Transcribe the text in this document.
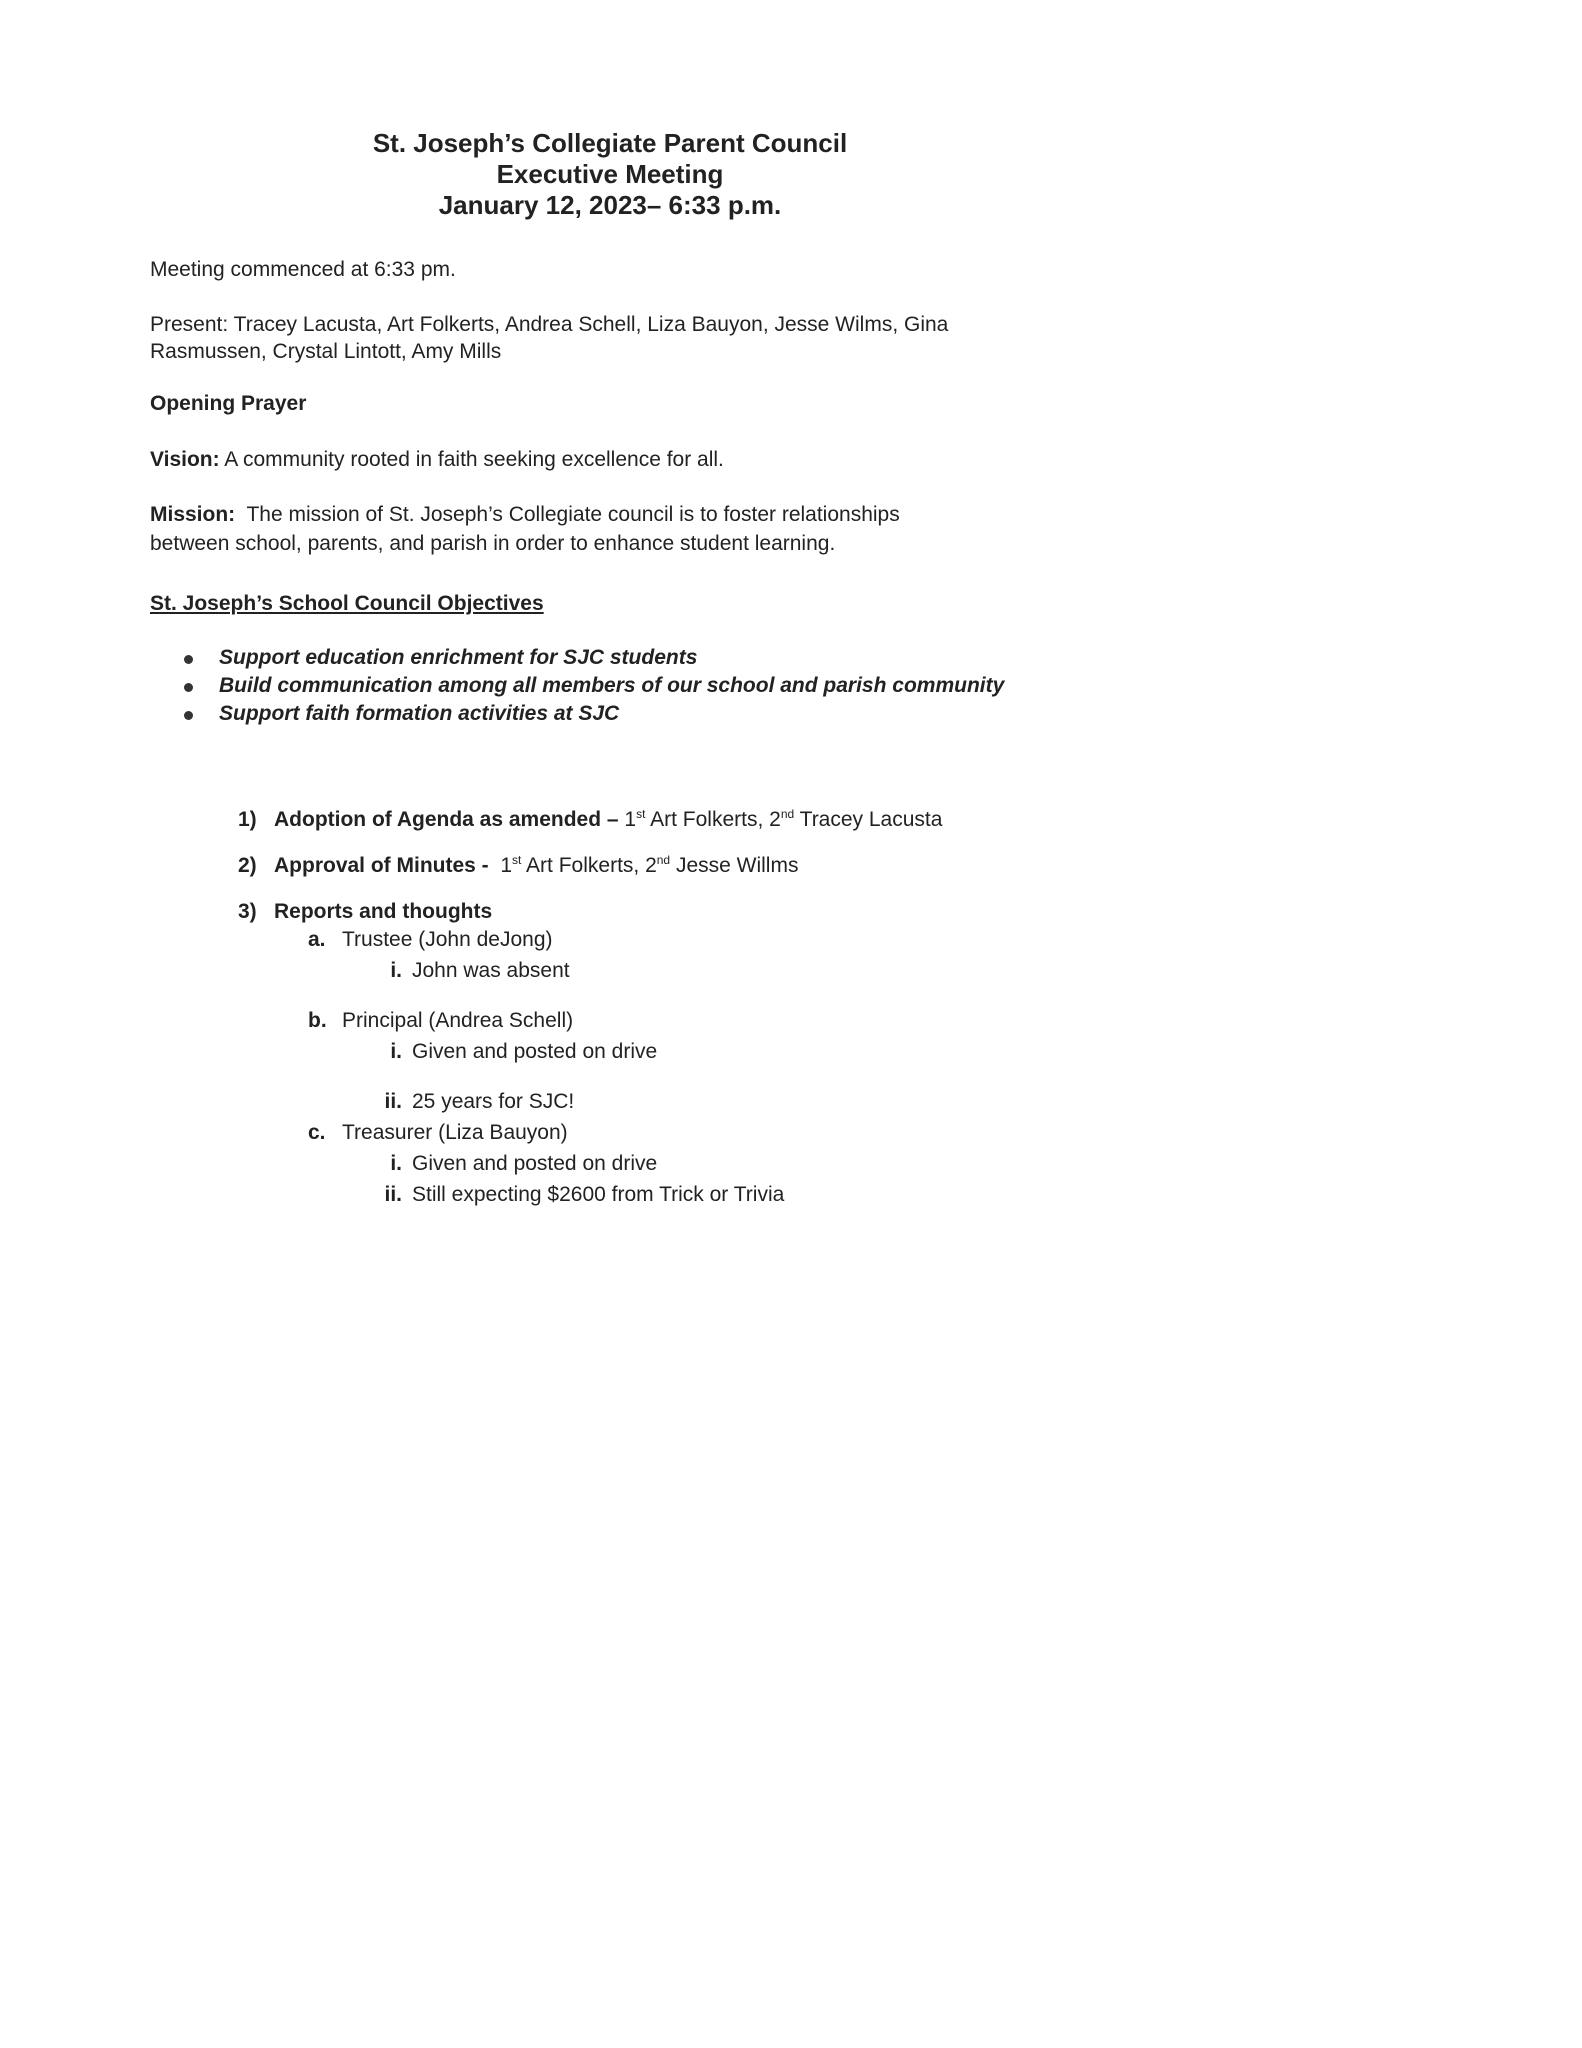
St. Joseph’s Collegiate Parent Council
Executive Meeting
January 12, 2023– 6:33 p.m.
Meeting commenced at 6:33 pm.
Present: Tracey Lacusta, Art Folkerts, Andrea Schell, Liza Bauyon, Jesse Wilms, Gina
Rasmussen, Crystal Lintott, Amy Mills
Opening Prayer
Vision: A community rooted in faith seeking excellence for all.
Mission:  The mission of St. Joseph’s Collegiate council is to foster relationships
between school, parents, and parish in order to enhance student learning.
St. Joseph’s School Council Objectives
Support education enrichment for SJC students
Build communication among all members of our school and parish community
Support faith formation activities at SJC
1) Adoption of Agenda as amended – 1st Art Folkerts, 2nd Tracey Lacusta
2) Approval of Minutes -  1st Art Folkerts, 2nd Jesse Willms
3) Reports and thoughts
a. Trustee (John deJong)
i. John was absent
b. Principal (Andrea Schell)
i. Given and posted on drive
ii. 25 years for SJC!
c. Treasurer (Liza Bauyon)
i. Given and posted on drive
ii. Still expecting $2600 from Trick or Trivia
